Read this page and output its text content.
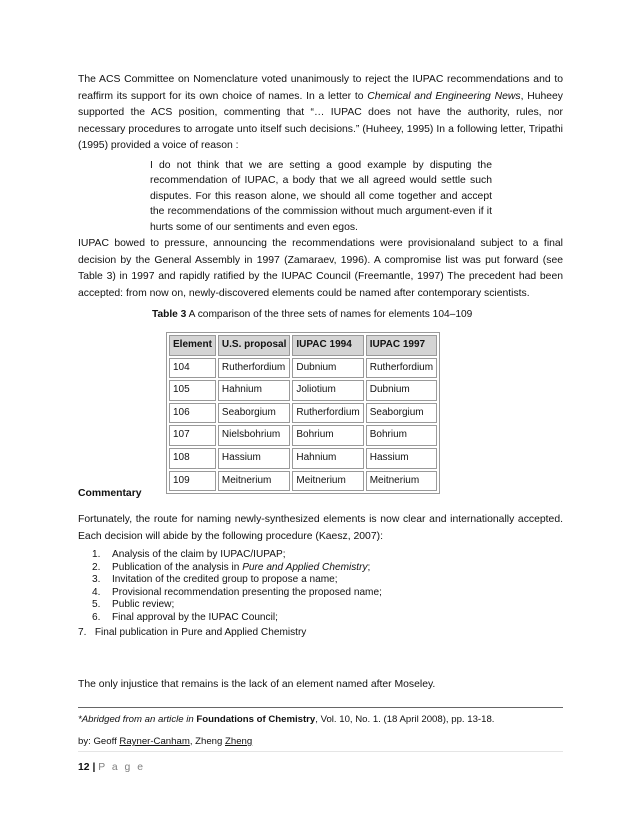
The ACS Committee on Nomenclature voted unanimously to reject the IUPAC recommendations and to reaffirm its support for its own choice of names. In a letter to Chemical and Engineering News, Huheey supported the ACS position, commenting that “… IUPAC does not have the authority, rules, nor necessary procedures to arrogate unto itself such decisions.” (Huheey, 1995) In a following letter, Tripathi (1995) provided a voice of reason :

I do not think that we are setting a good example by disputing the recommendation of IUPAC, a body that we all agreed would settle such disputes. For this reason alone, we should all come together and accept the recommendations of the commission without much argument-even if it hurts some of our sentiments and even egos.

IUPAC bowed to pressure, announcing the recommendations were provisionaland subject to a final decision by the General Assembly in 1997 (Zamaraev, 1996). A compromise list was put forward (see Table 3) in 1997 and rapidly ratified by the IUPAC Council (Freemantle, 1997) The precedent had been accepted: from now on, newly-discovered elements could be named after contemporary scientists.

Table 3 A comparison of the three sets of names for elements 104–109

Element	U.S. proposal	IUPAC 1994	IUPAC 1997
104	Rutherfordium	Dubnium	Rutherfordium
105	Hahnium	Joliotium	Dubnium
106	Seaborgium	Rutherfordium	Seaborgium
107	Nielsbohrium	Bohrium	Bohrium
108	Hassium	Hahnium	Hassium
109	Meitnerium	Meitnerium	Meitnerium

Commentary

Fortunately, the route for naming newly-synthesized elements is now clear and internationally accepted. Each decision will abide by the following procedure (Kaesz, 2007):

1. Analysis of the claim by IUPAC/IUPAP;
2. Publication of the analysis in Pure and Applied Chemistry;
3. Invitation of the credited group to propose a name;
4. Provisional recommendation presenting the proposed name;
5. Public review;
6. Final approval by the IUPAC Council;
7.   Final publication in Pure and Applied Chemistry

The only injustice that remains is the lack of an element named after Moseley.

*Abridged from an article in Foundations of Chemistry, Vol. 10, No. 1. (18 April 2008), pp. 13-18.

by: Geoff Rayner-Canham, Zheng Zheng

12 | P a g e
